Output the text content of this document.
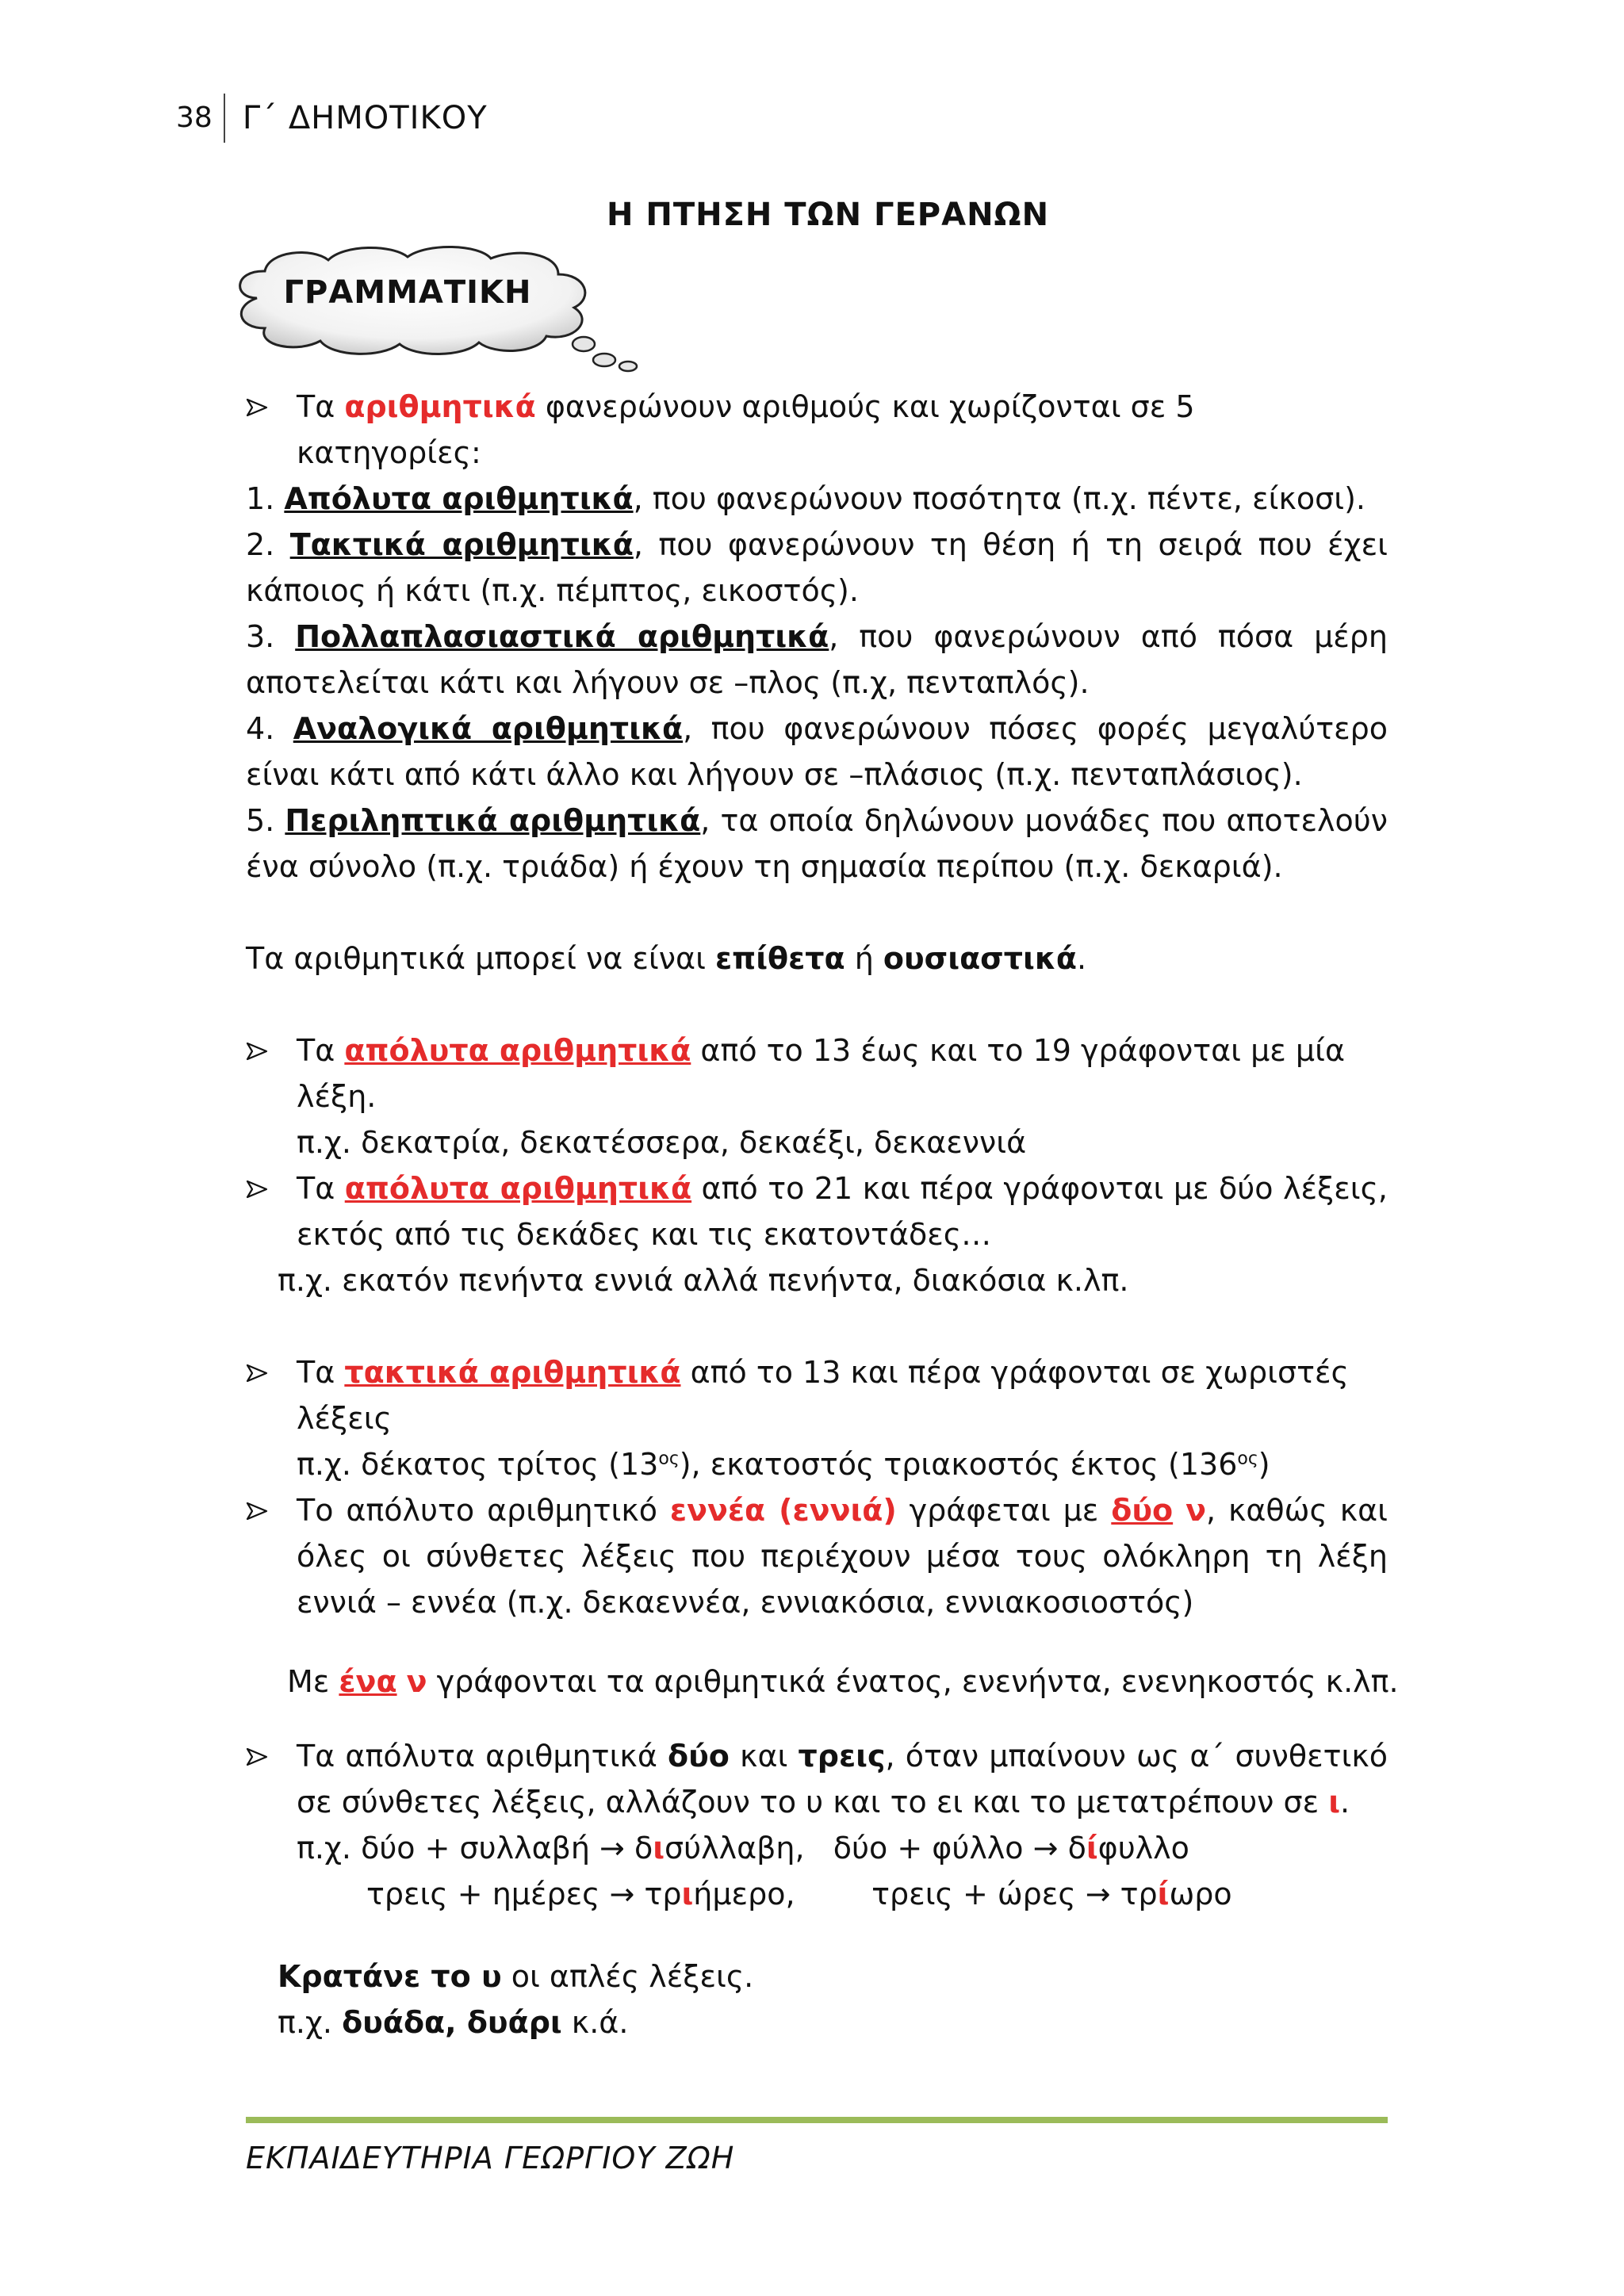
38 Γ΄ ΔΗΜΟΤΙΚΟΥ
Η ΠΤΗΣΗ ΤΩΝ ΓΕΡΑΝΩΝ
ΓΡΑΜΜΑΤΙΚΗ
Τα αριθμητικά φανερώνουν αριθμούς και χωρίζονται σε 5 κατηγορίες:
1. Απόλυτα αριθμητικά, που φανερώνουν ποσότητα (π.χ. πέντε, είκοσι).
2. Τακτικά αριθμητικά, που φανερώνουν τη θέση ή τη σειρά που έχει κάποιος ή κάτι (π.χ. πέμπτος, εικοστός).
3. Πολλαπλασιαστικά αριθμητικά, που φανερώνουν από πόσα μέρη αποτελείται κάτι και λήγουν σε –πλος (π.χ, πενταπλός).
4. Αναλογικά αριθμητικά, που φανερώνουν πόσες φορές μεγαλύτερο είναι κάτι από κάτι άλλο και λήγουν σε –πλάσιος (π.χ. πενταπλάσιος).
5. Περιληπτικά αριθμητικά, τα οποία δηλώνουν μονάδες που αποτελούν ένα σύνολο (π.χ. τριάδα) ή έχουν τη σημασία περίπου (π.χ. δεκαριά).
Τα αριθμητικά μπορεί να είναι επίθετα ή ουσιαστικά.
Τα απόλυτα αριθμητικά από το 13 έως και το 19 γράφονται με μία λέξη.
π.χ. δεκατρία, δεκατέσσερα, δεκαέξι, δεκαεννιά
Τα απόλυτα αριθμητικά από το 21 και πέρα γράφονται με δύο λέξεις, εκτός από τις δεκάδες και τις εκατοντάδες…
π.χ. εκατόν πενήντα εννιά αλλά πενήντα, διακόσια κ.λπ.
Τα τακτικά αριθμητικά από το 13 και πέρα γράφονται σε χωριστές λέξεις
π.χ. δέκατος τρίτος $(13^{o\varsigma})$, εκατοστός τριακοστός έκτος $(136^{o\varsigma})$
Το απόλυτο αριθμητικό εννέα (εννιά) γράφεται με δύο ν, καθώς και όλες οι σύνθετες λέξεις που περιέχουν μέσα τους ολόκληρη τη λέξη εννιά – εννέα (π.χ. δεκαεννέα, εννιακόσια, εννιακοσιοστός)
Με ένα ν γράφονται τα αριθμητικά ένατος, ενενήντα, ενενηκοστός κ.λπ.
Τα απόλυτα αριθμητικά δύο και τρεις, όταν μπαίνουν ως α΄ συνθετικό σε σύνθετες λέξεις, αλλάζουν το υ και το ει και το μετατρέπουν σε ι.
π.χ. δύο + συλλαβή → δισύλλαβη,   δύο + φύλλο → δίφυλλο
τρεις + ημέρες → τριήμερο,        τρεις + ώρες → τρίωρο
Κρατάνε το υ οι απλές λέξεις.
π.χ. δυάδα, δυάρι κ.ά.
ΕΚΠΑΙΔΕΥΤΗΡΙΑ ΓΕΩΡΓΙΟΥ ΖΩΗ
